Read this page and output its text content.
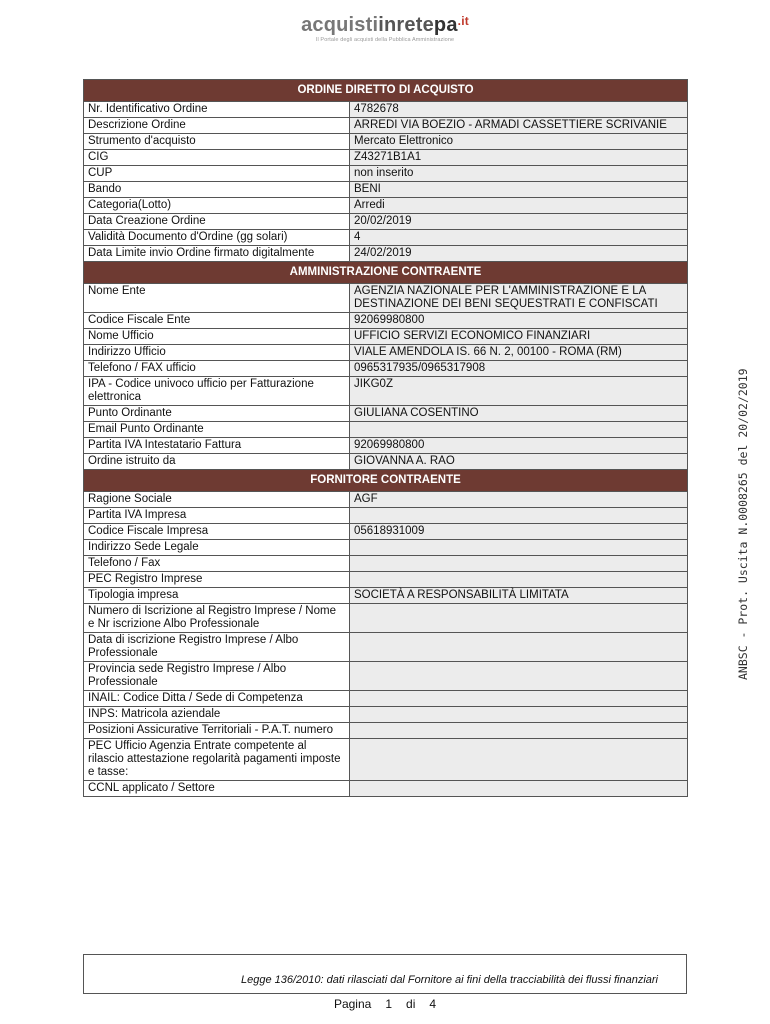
acquistiinretepa$^{.it}$
Il Portale degli acquisti della Pubblica Amministrazione
ORDINE DIRETTO DI ACQUISTO	
Nr. Identificativo Ordine	4782678
Descrizione Ordine	ARREDI VIA BOEZIO - ARMADI CASSETTIERE SCRIVANIE
Strumento d'acquisto	Mercato Elettronico
CIG	Z43271B1A1
CUP	non inserito
Bando	BENI
Categoria(Lotto)	Arredi
Data Creazione Ordine	20/02/2019
Validità Documento d'Ordine (gg solari)	4
Data Limite invio Ordine firmato digitalmente	24/02/2019
AMMINISTRAZIONE CONTRAENTE	
Nome Ente	AGENZIA NAZIONALE PER L'AMMINISTRAZIONE E LA DESTINAZIONE DEI BENI SEQUESTRATI E CONFISCATI
Codice Fiscale Ente	92069980800
Nome Ufficio	UFFICIO SERVIZI ECONOMICO FINANZIARI
Indirizzo Ufficio	VIALE AMENDOLA IS. 66 N. 2, 00100 - ROMA (RM)
Telefono / FAX ufficio	0965317935/0965317908
IPA - Codice univoco ufficio per Fatturazione elettronica	JIKG0Z
Punto Ordinante	GIULIANA COSENTINO
Email Punto Ordinante	
Partita IVA Intestatario Fattura	92069980800
Ordine istruito da	GIOVANNA A. RAO
FORNITORE CONTRAENTE	
Ragione Sociale	AGF
Partita IVA Impresa	
Codice Fiscale Impresa	05618931009
Indirizzo Sede Legale	
Telefono / Fax	
PEC Registro Imprese	
Tipologia impresa	SOCIETÀ A RESPONSABILITÀ LIMITATA
Numero di Iscrizione al Registro Imprese / Nome e Nr iscrizione Albo Professionale	
Data di iscrizione Registro Imprese / Albo Professionale	
Provincia sede Registro Imprese / Albo Professionale	
INAIL: Codice Ditta / Sede di Competenza	
INPS: Matricola aziendale	
Posizioni Assicurative Territoriali - P.A.T. numero	
PEC Ufficio Agenzia Entrate competente al rilascio attestazione regolarità pagamenti imposte e tasse:	
CCNL applicato / Settore	
Legge 136/2010: dati rilasciati dal Fornitore ai fini della tracciabilità dei flussi finanziari
Pagina 1 di 4
ANBSC - Prot. Uscita N.0008265 del 20/02/2019
